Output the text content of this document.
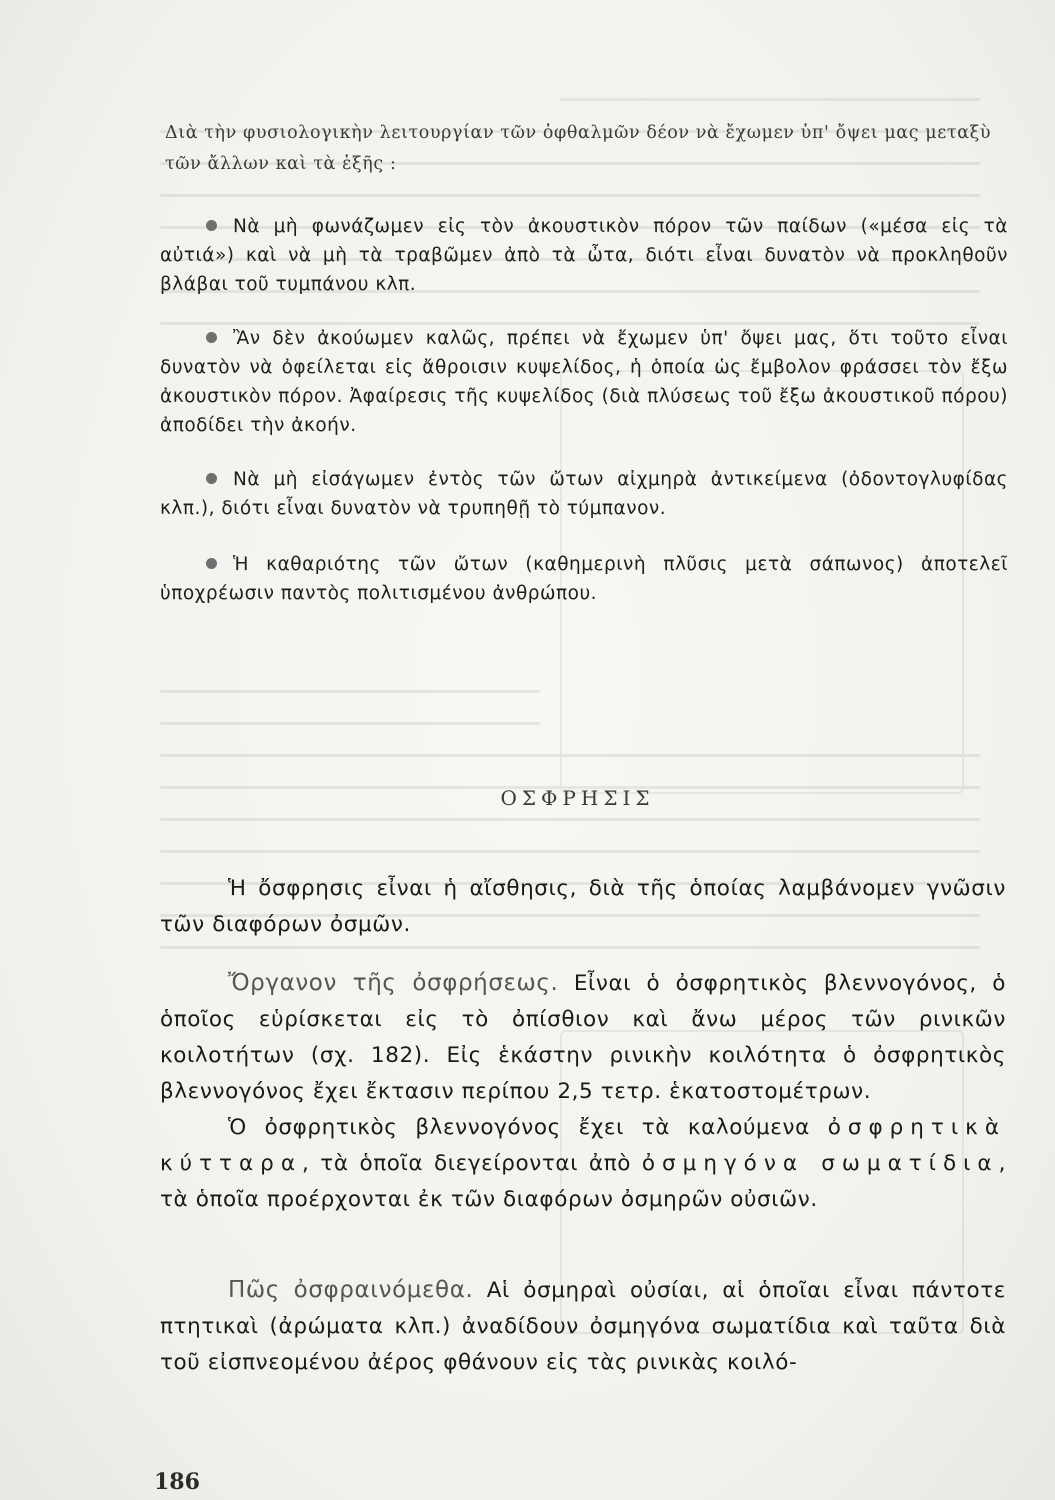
Διὰ τὴν φυσιολογικὴν λειτουργίαν τῶν ὀφθαλμῶν δέον νὰ ἔχωμεν ὑπ' ὄψει μας μεταξὺ τῶν ἄλλων καὶ τὰ ἑξῆς :

Νὰ μὴ φωνάζωμεν εἰς τὸν ἀκουστικὸν πόρον τῶν παίδων («μέσα εἰς τὰ αὐτιά») καὶ νὰ μὴ τὰ τραβῶμεν ἀπὸ τὰ ὦτα, διότι εἶναι δυνατὸν νὰ προκληθοῦν βλάβαι τοῦ τυμπάνου κλπ.

Ἂν δὲν ἀκούωμεν καλῶς, πρέπει νὰ ἔχωμεν ὑπ' ὄψει μας, ὅτι τοῦτο εἶναι δυνατὸν νὰ ὀφείλεται εἰς ἄθροισιν κυψελίδος, ἡ ὁποία ὡς ἔμβολον φράσσει τὸν ἔξω ἀκουστικὸν πόρον. Ἀφαίρεσις τῆς κυψελίδος (διὰ πλύσεως τοῦ ἔξω ἀκουστικοῦ πόρου) ἀποδίδει τὴν ἀκοήν.

Νὰ μὴ εἰσάγωμεν ἐντὸς τῶν ὤτων αἰχμηρὰ ἀντικείμενα (ὀδοντογλυφίδας κλπ.), διότι εἶναι δυνατὸν νὰ τρυπηθῇ τὸ τύμπανον.

Ἡ καθαριότης τῶν ὤτων (καθημερινὴ πλῦσις μετὰ σάπωνος) ἀποτελεῖ ὑποχρέωσιν παντὸς πολιτισμένου ἀνθρώπου.

ΟΣΦΡΗΣΙΣ

Ἡ ὄσφρησις εἶναι ἡ αἴσθησις, διὰ τῆς ὁποίας λαμβάνομεν γνῶσιν τῶν διαφόρων ὀσμῶν.

Ὄργανον τῆς ὀσφρήσεως. Εἶναι ὁ ὀσφρητικὸς βλεννογόνος, ὁ ὁποῖος εὑρίσκεται εἰς τὸ ὀπίσθιον καὶ ἄνω μέρος τῶν ρινικῶν κοιλοτήτων (σχ. 182). Εἰς ἑκάστην ρινικὴν κοιλότητα ὁ ὀσφρητικὸς βλεννογόνος ἔχει ἔκτασιν περίπου 2,5 τετρ. ἑκατοστομέτρων.

Ὁ ὀσφρητικὸς βλεννογόνος ἔχει τὰ καλούμενα ὀσφρητικὰ κύτταρα, τὰ ὁποῖα διεγείρονται ἀπὸ ὀσμηγόνα σωματίδια, τὰ ὁποῖα προέρχονται ἐκ τῶν διαφόρων ὀσμηρῶν οὐσιῶν.

Πῶς ὀσφραινόμεθα. Αἱ ὀσμηραὶ οὐσίαι, αἱ ὁποῖαι εἶναι πάντοτε πτητικαὶ (ἀρώματα κλπ.) ἀναδίδουν ὀσμηγόνα σωματίδια καὶ ταῦτα διὰ τοῦ εἰσπνεομένου ἀέρος φθάνουν εἰς τὰς ρινικὰς κοιλό-

186
